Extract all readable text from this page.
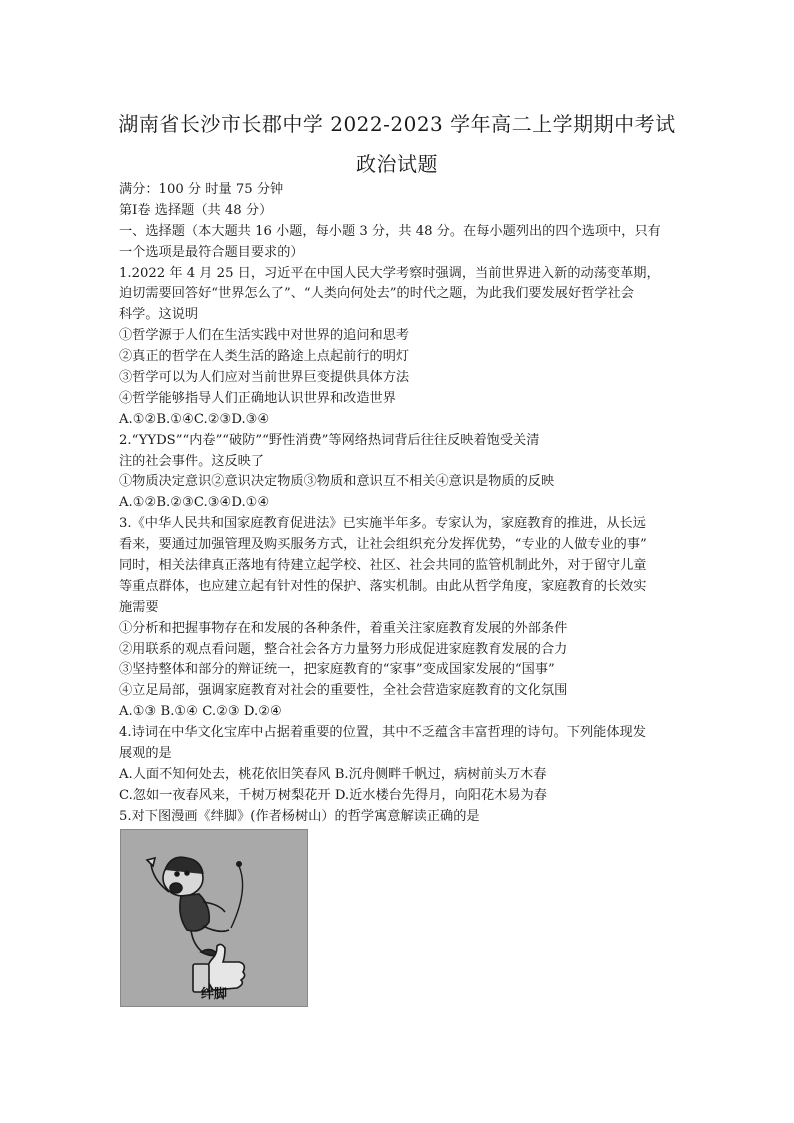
湖南省长沙市长郡中学 2022-2023 学年高二上学期期中考试
政治试题
满分：100 分 时量 75 分钟
第Ⅰ卷 选择题（共 48 分）
一、选择题（本大题共 16 小题，每小题 3 分，共 48 分。在每小题列出的四个选项中，只有
一个选项是最符合题目要求的）
1.2022 年 4 月 25 日，习近平在中国人民大学考察时强调，当前世界进入新的动荡变革期，
迫切需要回答好“世界怎么了”、“人类向何处去”的时代之题，为此我们要发展好哲学社会
科学。这说明
①哲学源于人们在生活实践中对世界的追问和思考
②真正的哲学在人类生活的路途上点起前行的明灯
③哲学可以为人们应对当前世界巨变提供具体方法
④哲学能够指导人们正确地认识世界和改造世界
A.①②B.①④C.②③D.③④
2.“YYDS”“内卷”“破防”“野性消费”等网络热词背后往往反映着饱受关清
注的社会事件。这反映了
①物质决定意识②意识决定物质③物质和意识互不相关④意识是物质的反映
A.①②B.②③C.③④D.①④
3.《中华人民共和国家庭教育促进法》已实施半年多。专家认为，家庭教育的推进，从长远
看来，要通过加强管理及购买服务方式，让社会组织充分发挥优势，“专业的人做专业的事”
同时，相关法律真正落地有待建立起学校、社区、社会共同的监管机制此外，对于留守儿童
等重点群体，也应建立起有针对性的保护、落实机制。由此从哲学角度，家庭教育的长效实
施需要
①分析和把握事物存在和发展的各种条件，着重关注家庭教育发展的外部条件
②用联系的观点看问题，整合社会各方力量努力形成促进家庭教育发展的合力
③坚持整体和部分的辩证统一，把家庭教育的“家事”变成国家发展的“国事”
④立足局部，强调家庭教育对社会的重要性，全社会营造家庭教育的文化氛围
A.①③ B.①④ C.②③ D.②④
4.诗词在中华文化宝库中占据着重要的位置，其中不乏蕴含丰富哲理的诗句。下列能体现发
展观的是
A.人面不知何处去，桃花依旧笑春风 B.沉舟侧畔千帆过，病树前头万木春
C.忽如一夜春风来，千树万树梨花开 D.近水楼台先得月，向阳花木易为春
5.对下图漫画《绊脚》(作者杨树山）的哲学寓意解读正确的是
绊脚
